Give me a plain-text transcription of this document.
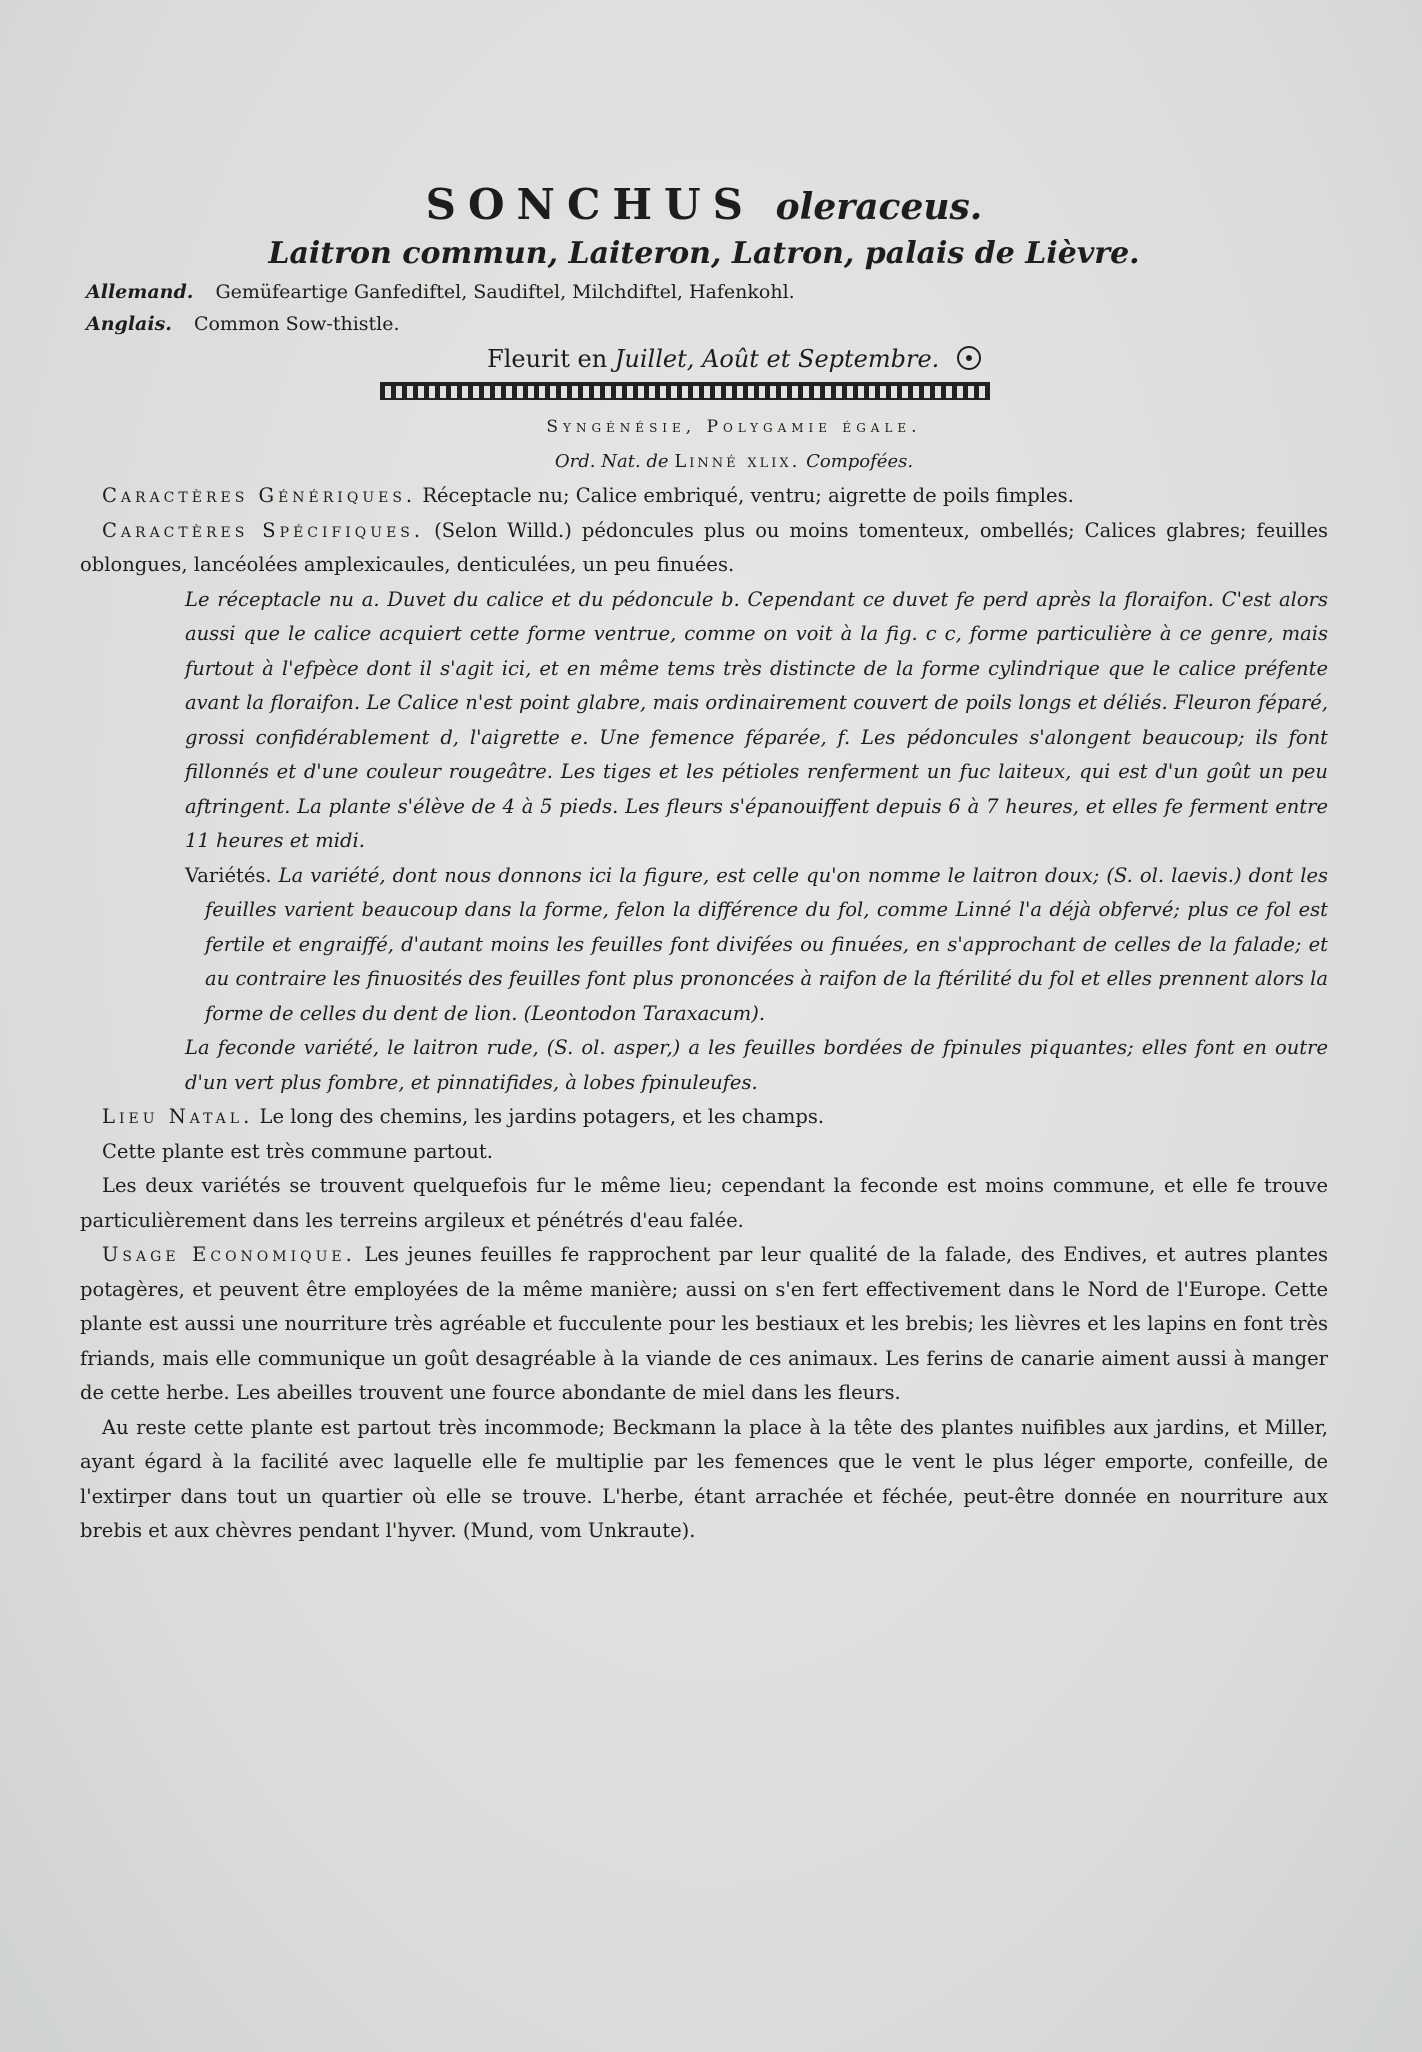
SONCHUS oleraceus.

Laitron commun, Laiteron, Latron, palais de Lièvre.

Allemand. Gemüfeartige Ganfediftel, Saudiftel, Milchdiftel, Hafenkohl.
Anglais. Common Sow-thistle.
Fleurit en Juillet, Août et Septembre.
Syngénésie, Polygamie égale.
Ord. Nat. de Linné xlix. Compofées.

Caractères Génériques. Réceptacle nu; Calice embriqué, ventru; aigrette de poils fimples.

Caractères Spécifiques. (Selon Willd.) pédoncules plus ou moins tomenteux, ombellés; Calices glabres; feuilles oblongues, lancéolées amplexicaules, denticulées, un peu finuées.

Le réceptacle nu a. Duvet du calice et du pédoncule b. Cependant ce duvet fe perd après la floraifon. C'est alors aussi que le calice acquiert cette forme ventrue, comme on voit à la fig. c c, forme particulière à ce genre, mais furtout à l'efpèce dont il s'agit ici, et en même tems très distincte de la forme cylindrique que le calice préfente avant la floraifon. Le Calice n'est point glabre, mais ordinairement couvert de poils longs et déliés. Fleuron féparé, grossi confidérablement d, l'aigrette e. Une femence féparée, f. Les pédoncules s'alongent beaucoup; ils font fillonnés et d'une couleur rougeâtre. Les tiges et les pétioles renferment un fuc laiteux, qui est d'un goût un peu aftringent. La plante s'élève de 4 à 5 pieds. Les fleurs s'épanouiffent depuis 6 à 7 heures, et elles fe ferment entre 11 heures et midi.

Variétés. La variété, dont nous donnons ici la figure, est celle qu'on nomme le laitron doux; (S. ol. laevis.) dont les feuilles varient beaucoup dans la forme, felon la différence du fol, comme Linné l'a déjà obfervé; plus ce fol est fertile et engraiffé, d'autant moins les feuilles font divifées ou finuées, en s'approchant de celles de la falade; et au contraire les finuosités des feuilles font plus prononcées à raifon de la ftérilité du fol et elles prennent alors la forme de celles du dent de lion. (Leontodon Taraxacum).

La feconde variété, le laitron rude, (S. ol. asper,) a les feuilles bordées de fpinules piquantes; elles font en outre d'un vert plus fombre, et pinnatifides, à lobes fpinuleufes.

Lieu Natal. Le long des chemins, les jardins potagers, et les champs.

Cette plante est très commune partout.

Les deux variétés se trouvent quelquefois fur le même lieu; cependant la feconde est moins commune, et elle fe trouve particulièrement dans les terreins argileux et pénétrés d'eau falée.

Usage Economique. Les jeunes feuilles fe rapprochent par leur qualité de la falade, des Endives, et autres plantes potagères, et peuvent être employées de la même manière; aussi on s'en fert effectivement dans le Nord de l'Europe. Cette plante est aussi une nourriture très agréable et fucculente pour les bestiaux et les brebis; les lièvres et les lapins en font très friands, mais elle communique un goût desagréable à la viande de ces animaux. Les ferins de canarie aiment aussi à manger de cette herbe. Les abeilles trouvent une fource abondante de miel dans les fleurs.

Au reste cette plante est partout très incommode; Beckmann la place à la tête des plantes nuifibles aux jardins, et Miller, ayant égard à la facilité avec laquelle elle fe multiplie par les femences que le vent le plus léger emporte, confeille, de l'extirper dans tout un quartier où elle se trouve. L'herbe, étant arrachée et féchée, peut-être donnée en nourriture aux brebis et aux chèvres pendant l'hyver. (Mund, vom Unkraute).
